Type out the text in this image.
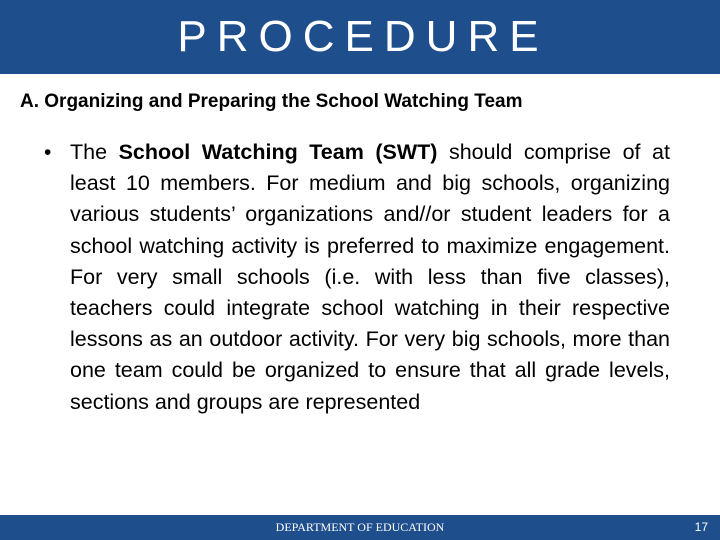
PROCEDURE
A. Organizing and Preparing the School Watching Team
• The School Watching Team (SWT) should comprise of at least 10 members. For medium and big schools, organizing various students’ organizations and//or student leaders for a school watching activity is preferred to maximize engagement. For very small schools (i.e. with less than five classes), teachers could integrate school watching in their respective lessons as an outdoor activity. For very big schools, more than one team could be organized to ensure that all grade levels, sections and groups are represented
DEPARTMENT OF EDUCATION	17
